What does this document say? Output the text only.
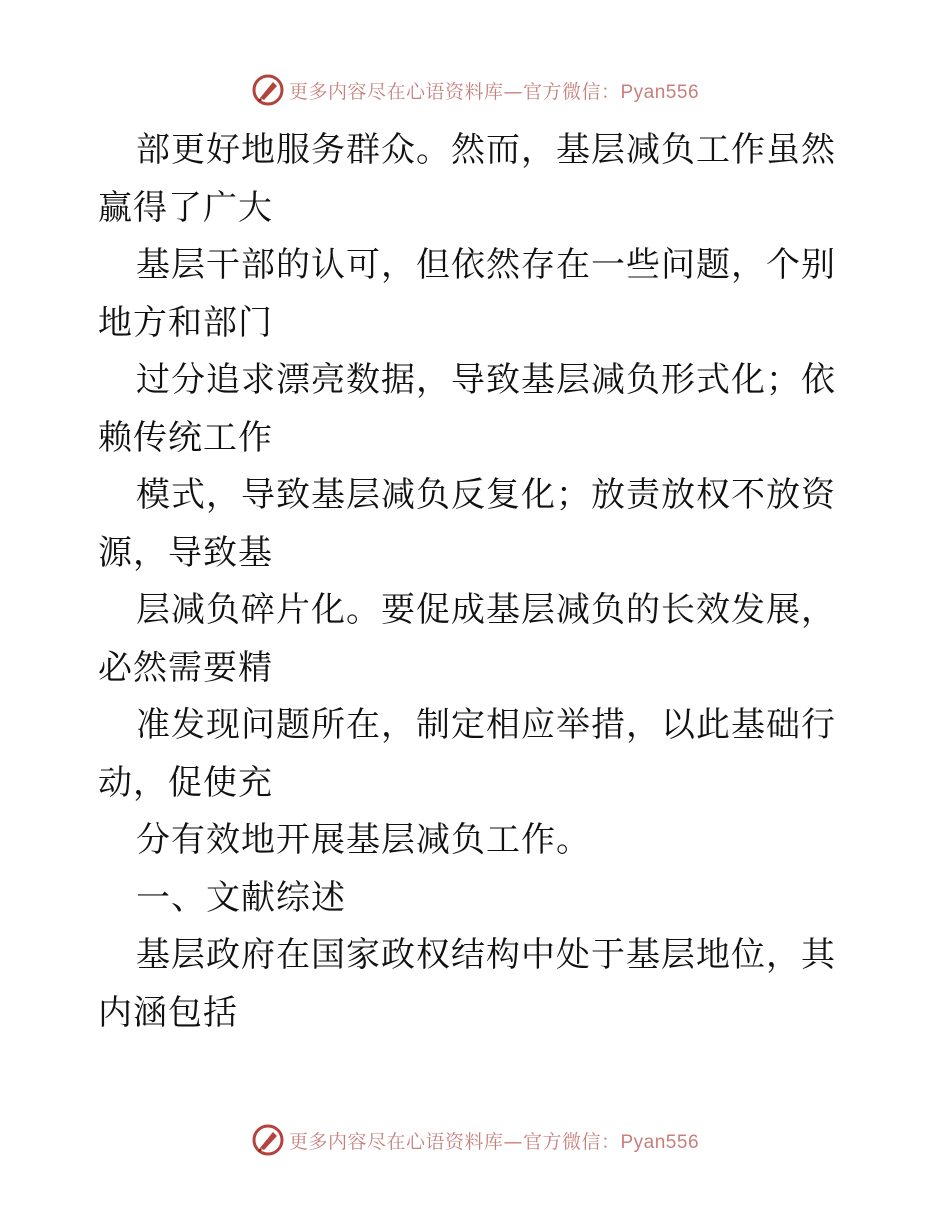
更多内容尽在心语资料库—官方微信：Pyan556

部更好地服务群众。然而，基层减负工作虽然赢得了广大

基层干部的认可，但依然存在一些问题，个别地方和部门

过分追求漂亮数据，导致基层减负形式化；依赖传统工作

模式，导致基层减负反复化；放责放权不放资源，导致基

层减负碎片化。要促成基层减负的长效发展，必然需要精

准发现问题所在，制定相应举措，以此基础行动，促使充

分有效地开展基层减负工作。

一、文献综述

基层政府在国家政权结构中处于基层地位，其内涵包括

更多内容尽在心语资料库—官方微信：Pyan556
